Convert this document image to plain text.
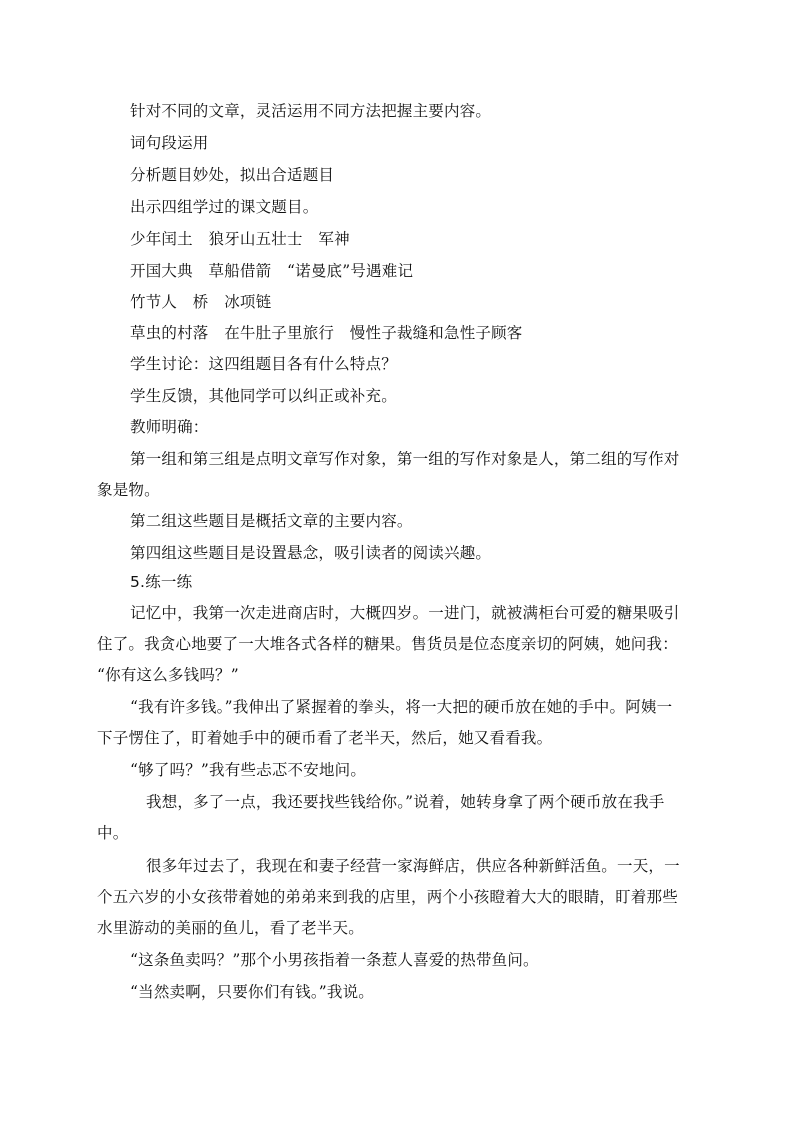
针对不同的文章，灵活运用不同方法把握主要内容。
词句段运用
分析题目妙处，拟出合适题目
出示四组学过的课文题目。
少年闰土　狼牙山五壮士　军神
开国大典　草船借箭　“诺曼底”号遇难记
竹节人　桥　冰项链
草虫的村落　在牛肚子里旅行　慢性子裁缝和急性子顾客
学生讨论：这四组题目各有什么特点？
学生反馈，其他同学可以纠正或补充。
教师明确：
第一组和第三组是点明文章写作对象，第一组的写作对象是人，第二组的写作对
象是物。
第二组这些题目是概括文章的主要内容。
第四组这些题目是设置悬念，吸引读者的阅读兴趣。
5.练一练
记忆中，我第一次走进商店时，大概四岁。一进门，就被满柜台可爱的糖果吸引
住了。我贪心地要了一大堆各式各样的糖果。售货员是位态度亲切的阿姨，她问我：
“你有这么多钱吗？”
“我有许多钱。”我伸出了紧握着的拳头，将一大把的硬币放在她的手中。阿姨一
下子愣住了，盯着她手中的硬币看了老半天，然后，她又看看我。
“够了吗？”我有些忐忑不安地问。
我想，多了一点，我还要找些钱给你。”说着，她转身拿了两个硬币放在我手
中。
很多年过去了，我现在和妻子经营一家海鲜店，供应各种新鲜活鱼。一天，一
个五六岁的小女孩带着她的弟弟来到我的店里，两个小孩瞪着大大的眼睛，盯着那些
水里游动的美丽的鱼儿，看了老半天。
“这条鱼卖吗？”那个小男孩指着一条惹人喜爱的热带鱼问。
“当然卖啊，只要你们有钱。”我说。
